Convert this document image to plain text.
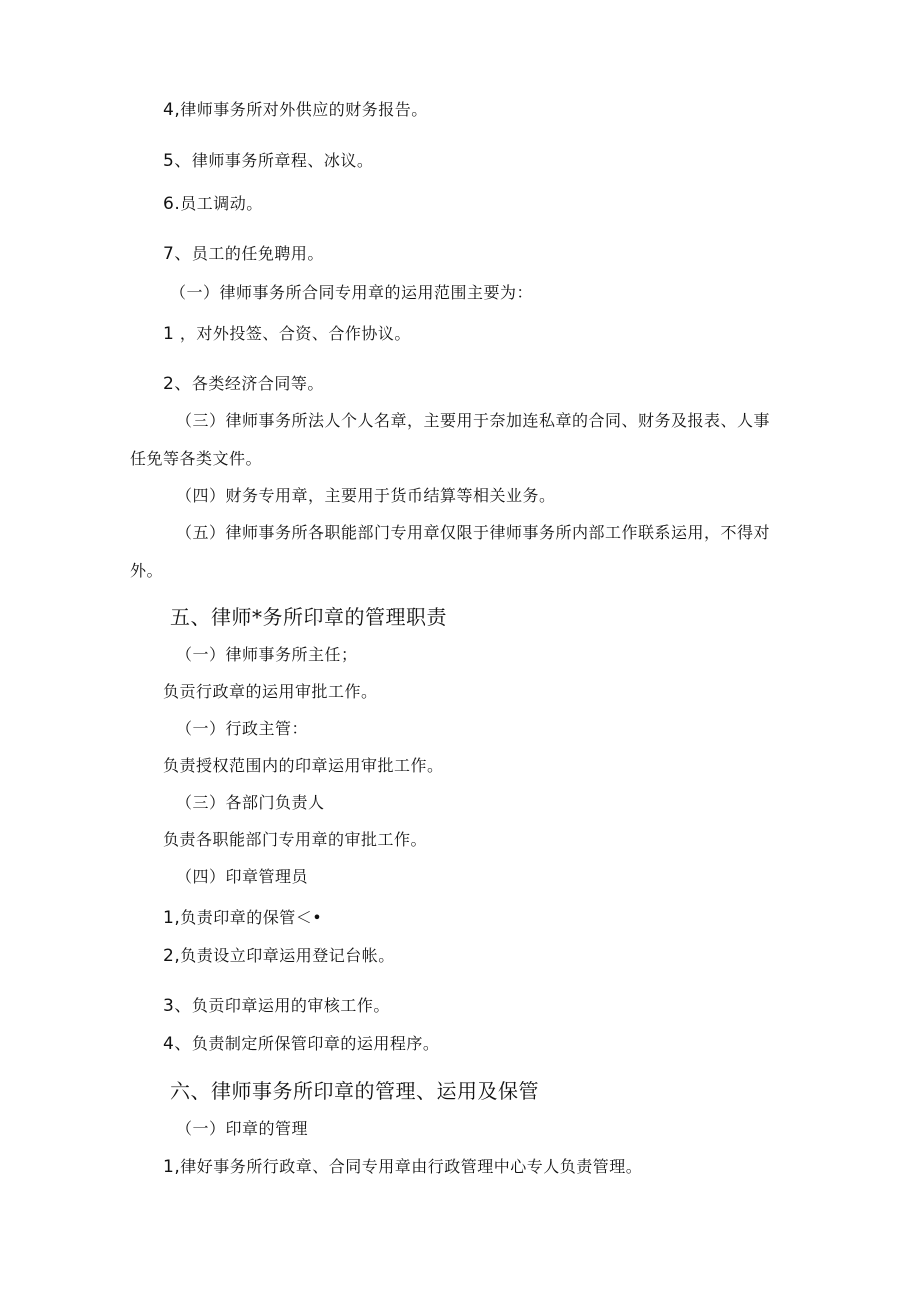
4,律师事务所对外供应的财务报告。
5、律师事务所章程、冰议。
6.员工调动。
7、员工的任免聘用。
（一）律师事务所合同专用章的运用范围主要为：
1 ，对外投签、合资、合作协议。
2、各类经济合同等。
（三）律师事务所法人个人名章，主要用于奈加连私章的合同、财务及报表、人事
任免等各类文件。
（四）财务专用章，主要用于货币结算等相关业务。
（五）律师事务所各职能部门专用章仅限于律师事务所内部工作联系运用，不得对
外。
五、律师*务所印章的管理职责
（一）律师事务所主任；
负贡行政章的运用审批工作。
（一）行政主管：
负责授权范围内的印章运用审批工作。
（三）各部门负责人
负责各职能部门专用章的审批工作。
（四）印章管理员
1,负责印章的保管＜•
2,负责设立印章运用登记台帐。
3、负贡印章运用的审核工作。
4、负责制定所保管印章的运用程序。
六、律师事务所印章的管理、运用及保管
（一）印章的管理
1,律好事务所行政章、合同专用章由行政管理中心专人负责管理。
